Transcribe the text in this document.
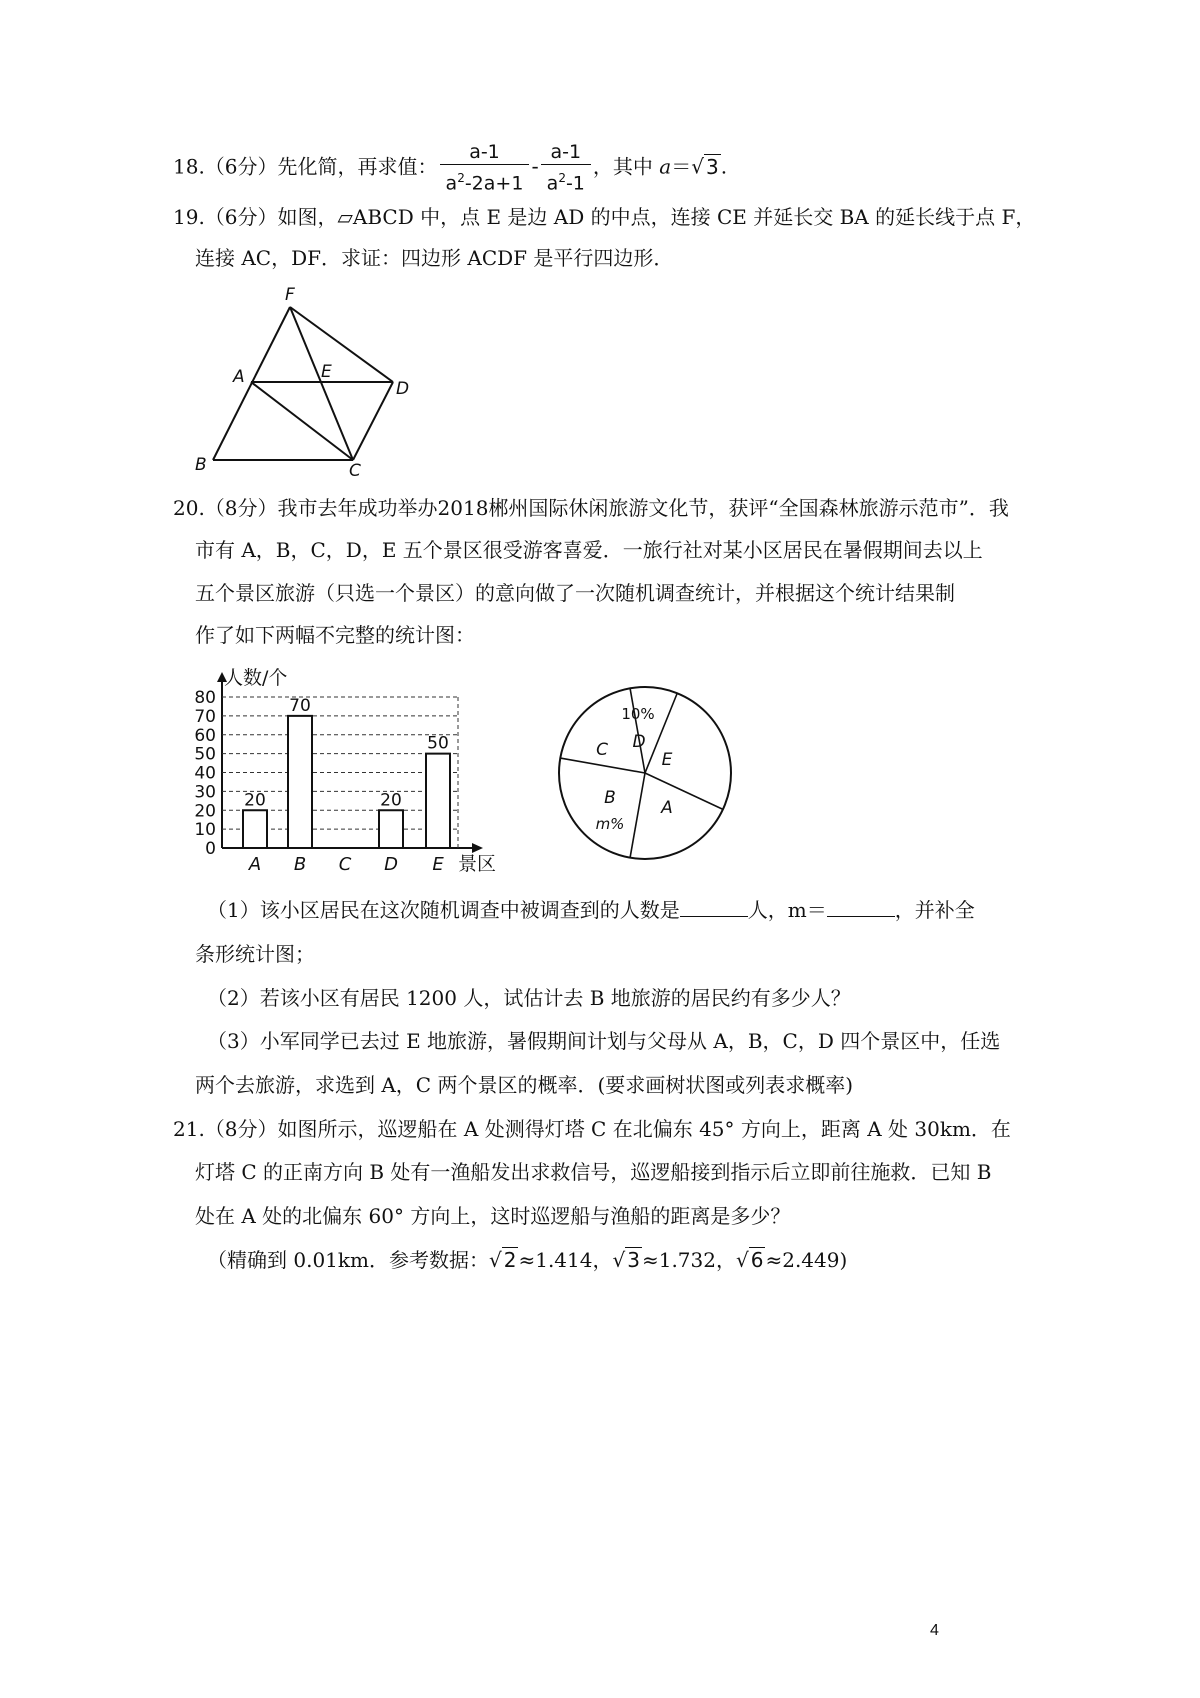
18.（6分）先化简，再求值： $\frac{a-1}{a^2-2a+1} - \frac{a-1}{a^2-1}$ ，其中 a＝√ 3 .
19.（6分）如图，▱ABCD 中，点 E 是边 AD 的中点，连接 CE 并延长交 BA 的延长线于点 F，
连接 AC，DF．求证：四边形 ACDF 是平行四边形．
F
A	E
D
B	C
20.（8分）我市去年成功举办2018郴州国际休闲旅游文化节，获评“全国森林旅游示范市”．我
市有 A，B，C，D，E 五个景区很受游客喜爱．一旅行社对某小区居民在暑假期间去以上
五个景区旅游（只选一个景区）的意向做了一次随机调查统计，并根据这个统计结果制
作了如下两幅不完整的统计图：
0
10
20
30
40
50
60
70
80
人数/个
景区
A
20
B
70
C D
20
E
50	D
10%
E
A
B
m%
C
（1）该小区居民在这次随机调查中被调查到的人数是	人，m＝	，并补全
条形统计图；
（2）若该小区有居民 1200 人，试估计去 B 地旅游的居民约有多少人？
（3）小军同学已去过 E 地旅游，暑假期间计划与父母从 A，B，C，D 四个景区中，任选
两个去旅游，求选到 A，C 两个景区的概率．(要求画树状图或列表求概率)
21.（8分）如图所示，巡逻船在 A 处测得灯塔 C 在北偏东 45° 方向上，距离 A 处 30km．在
灯塔 C 的正南方向 B 处有一渔船发出求救信号，巡逻船接到指示后立即前往施救．已知 B
处在 A 处的北偏东 60° 方向上，这时巡逻船与渔船的距离是多少？
（精确到 0.01km．参考数据：√ 2 ≈1.414，√ 3 ≈1.732，√ 6 ≈2.449)
4
